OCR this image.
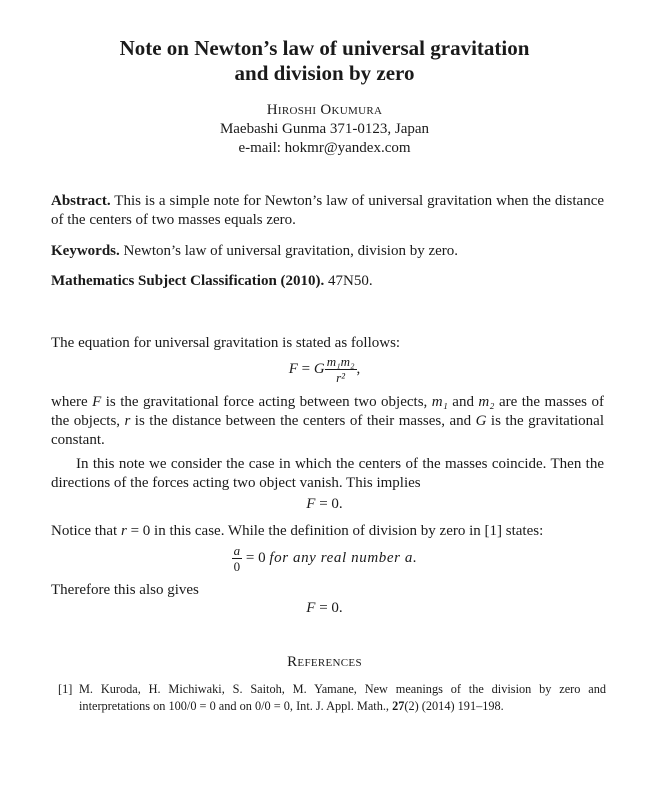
Note on Newton’s law of universal gravitation
and division by zero
Hiroshi Okumura
Maebashi Gunma 371-0123, Japan
e-mail: hokmr@yandex.com
Abstract. This is a simple note for Newton’s law of universal gravitation when the distance of the centers of two masses equals zero.
Keywords. Newton’s law of universal gravitation, division by zero.
Mathematics Subject Classification (2010). 47N50.
The equation for universal gravitation is stated as follows:
F = G $\frac{\text{m₁m₂}}{\text{r²}}$ ,
where F is the gravitational force acting between two objects, m₁ and m₂ are the masses of the objects, r is the distance between the centers of their masses, and G is the gravitational constant.
In this note we consider the case in which the centers of the masses coincide. Then the directions of the forces acting two object vanish. This implies
F = 0.
Notice that r = 0 in this case. While the definition of division by zero in [1] states:
$\frac{a}{0} = 0$ for any real number a.
Therefore this also gives
F = 0.
References
[1] M. Kuroda, H. Michiwaki, S. Saitoh, M. Yamane, New meanings of the division by zero and interpretations on 100/0 = 0 and on 0/0 = 0, Int. J. Appl. Math., 27(2) (2014) 191–198.
